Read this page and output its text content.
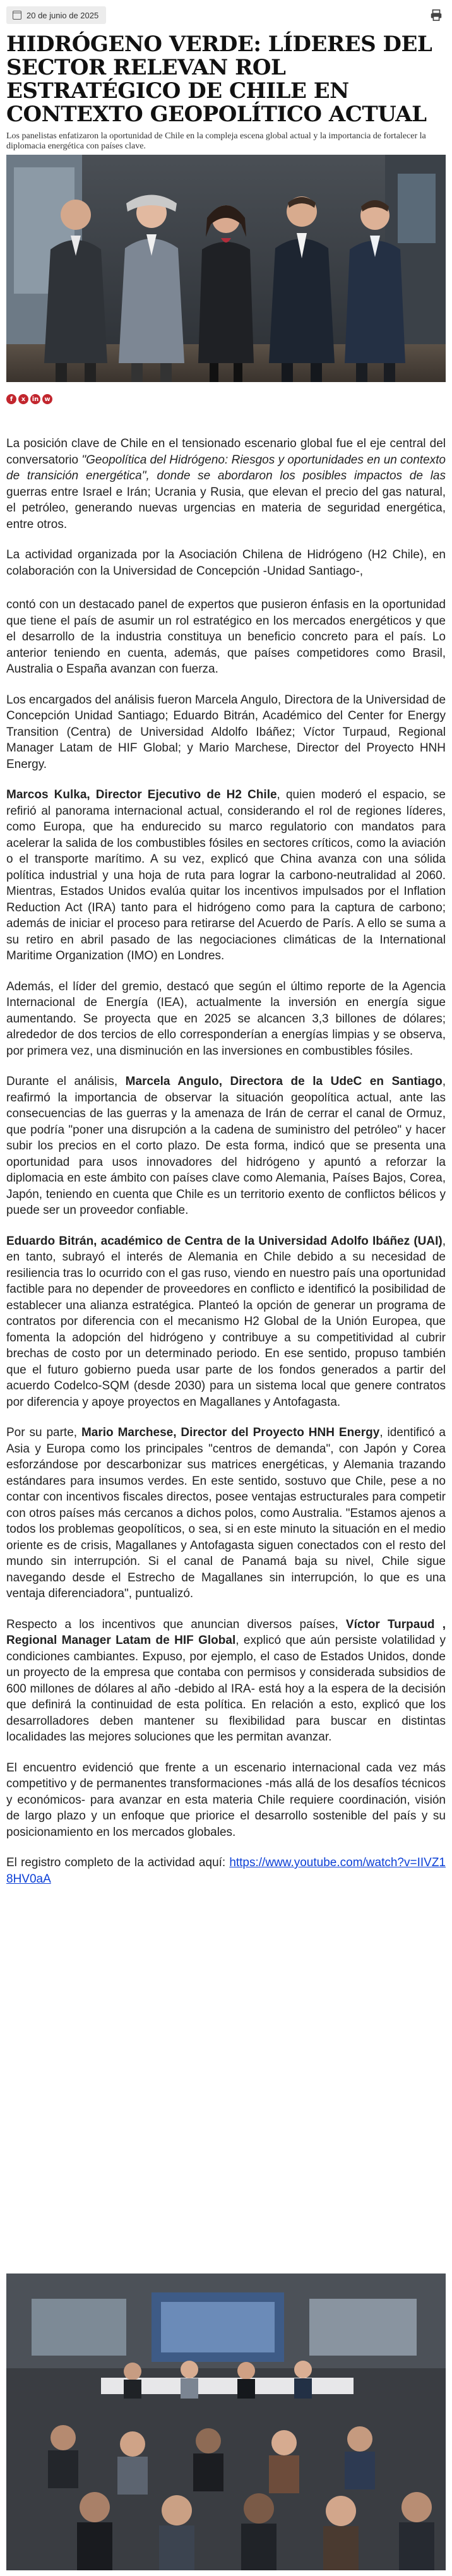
20 de junio de 2025
HIDRÓGENO VERDE: LÍDERES DEL SECTOR RELEVAN ROL ESTRATÉGICO DE CHILE EN CONTEXTO GEOPOLÍTICO ACTUAL

Los panelistas enfatizaron la oportunidad de Chile en la compleja escena global actual y la importancia de fortalecer la diplomacia energética con países clave.

f	x	in w

La posición clave de Chile en el tensionado escenario global fue el eje central del conversatorio "Geopolítica del Hidrógeno: Riesgos y oportunidades en un contexto de transición energética", donde se abordaron los posibles impactos de las guerras entre Israel e Irán; Ucrania y Rusia, que elevan el precio del gas natural, el petróleo, generando nuevas urgencias en materia de seguridad energética, entre otros.

La actividad organizada por la Asociación Chilena de Hidrógeno (H2 Chile), en colaboración con la Universidad de Concepción -Unidad Santiago-,

contó con un destacado panel de expertos que pusieron énfasis en la oportunidad que tiene el país de asumir un rol estratégico en los mercados energéticos y que el desarrollo de la industria constituya un beneficio concreto para el país. Lo anterior teniendo en cuenta, además, que países competidores como Brasil, Australia o España avanzan con fuerza.

Los encargados del análisis fueron Marcela Angulo, Directora de la Universidad de Concepción Unidad Santiago; Eduardo Bitrán, Académico del Center for Energy Transition (Centra) de Universidad Aldolfo Ibáñez; Víctor Turpaud, Regional Manager Latam de HIF Global; y Mario Marchese, Director del Proyecto HNH Energy.

Marcos Kulka, Director Ejecutivo de H2 Chile, quien moderó el espacio, se refirió al panorama internacional actual, considerando el rol de regiones líderes, como Europa, que ha endurecido su marco regulatorio con mandatos para acelerar la salida de los combustibles fósiles en sectores críticos, como la aviación o el transporte marítimo. A su vez, explicó que China avanza con una sólida política industrial y una hoja de ruta para lograr la carbono-neutralidad al 2060. Mientras, Estados Unidos evalúa quitar los incentivos impulsados por el Inflation Reduction Act (IRA) tanto para el hidrógeno como para la captura de carbono; además de iniciar el proceso para retirarse del Acuerdo de París. A ello se suma a su retiro en abril pasado de las negociaciones climáticas de la International Maritime Organization (IMO) en Londres.

Además, el líder del gremio, destacó que según el último reporte de la Agencia Internacional de Energía (IEA), actualmente la inversión en energía sigue aumentando. Se proyecta que en 2025 se alcancen 3,3 billones de dólares; alrededor de dos tercios de ello corresponderían a energías limpias y se observa, por primera vez, una disminución en las inversiones en combustibles fósiles.

Durante el análisis, Marcela Angulo, Directora de la UdeC en Santiago, reafirmó la importancia de observar la situación geopolítica actual, ante las consecuencias de las guerras y la amenaza de Irán de cerrar el canal de Ormuz, que podría "poner una disrupción a la cadena de suministro del petróleo" y hacer subir los precios en el corto plazo. De esta forma, indicó que se presenta una oportunidad para usos innovadores del hidrógeno y apuntó a reforzar la diplomacia en este ámbito con países clave como Alemania, Países Bajos, Corea, Japón, teniendo en cuenta que Chile es un territorio exento de conflictos bélicos y puede ser un proveedor confiable.

Eduardo Bitrán, académico de Centra de la Universidad Adolfo Ibáñez (UAI), en tanto, subrayó el interés de Alemania en Chile debido a su necesidad de resiliencia tras lo ocurrido con el gas ruso, viendo en nuestro país una oportunidad factible para no depender de proveedores en conflicto e identificó la posibilidad de establecer una alianza estratégica. Planteó la opción de generar un programa de contratos por diferencia con el mecanismo H2 Global de la Unión Europea, que fomenta la adopción del hidrógeno y contribuye a su competitividad al cubrir brechas de costo por un determinado periodo. En ese sentido, propuso también que el futuro gobierno pueda usar parte de los fondos generados a partir del acuerdo Codelco-SQM (desde 2030) para un sistema local que genere contratos por diferencia y apoye proyectos en Magallanes y Antofagasta.

Por su parte, Mario Marchese, Director del Proyecto HNH Energy, identificó a Asia y Europa como los principales "centros de demanda", con Japón y Corea esforzándose por descarbonizar sus matrices energéticas, y Alemania trazando estándares para insumos verdes. En este sentido, sostuvo que Chile, pese a no contar con incentivos fiscales directos, posee ventajas estructurales para competir con otros países más cercanos a dichos polos, como Australia. "Estamos ajenos a todos los problemas geopolíticos, o sea, si en este minuto la situación en el medio oriente es de crisis, Magallanes y Antofagasta siguen conectados con el resto del mundo sin interrupción. Si el canal de Panamá baja su nivel, Chile sigue navegando desde el Estrecho de Magallanes sin interrupción, lo que es una ventaja diferenciadora", puntualizó.

Respecto a los incentivos que anuncian diversos países, Víctor Turpaud , Regional Manager Latam de HIF Global, explicó que aún persiste volatilidad y condiciones cambiantes. Expuso, por ejemplo, el caso de Estados Unidos, donde un proyecto de la empresa que contaba con permisos y considerada subsidios de 600 millones de dólares al año -debido al IRA- está hoy a la espera de la decisión que definirá la continuidad de esta política. En relación a esto, explicó que los desarrolladores deben mantener su flexibilidad para buscar en distintas localidades las mejores soluciones que les permitan avanzar.

El encuentro evidenció que frente a un escenario internacional cada vez más competitivo y de permanentes transformaciones -más allá de los desafíos técnicos y económicos- para avanzar en esta materia Chile requiere coordinación, visión de largo plazo y un enfoque que priorice el desarrollo sostenible del país y su posicionamiento en los mercados globales.

El registro completo de la actividad aquí: https://www.youtube.com/watch?v=IIVZ18HV0aA
